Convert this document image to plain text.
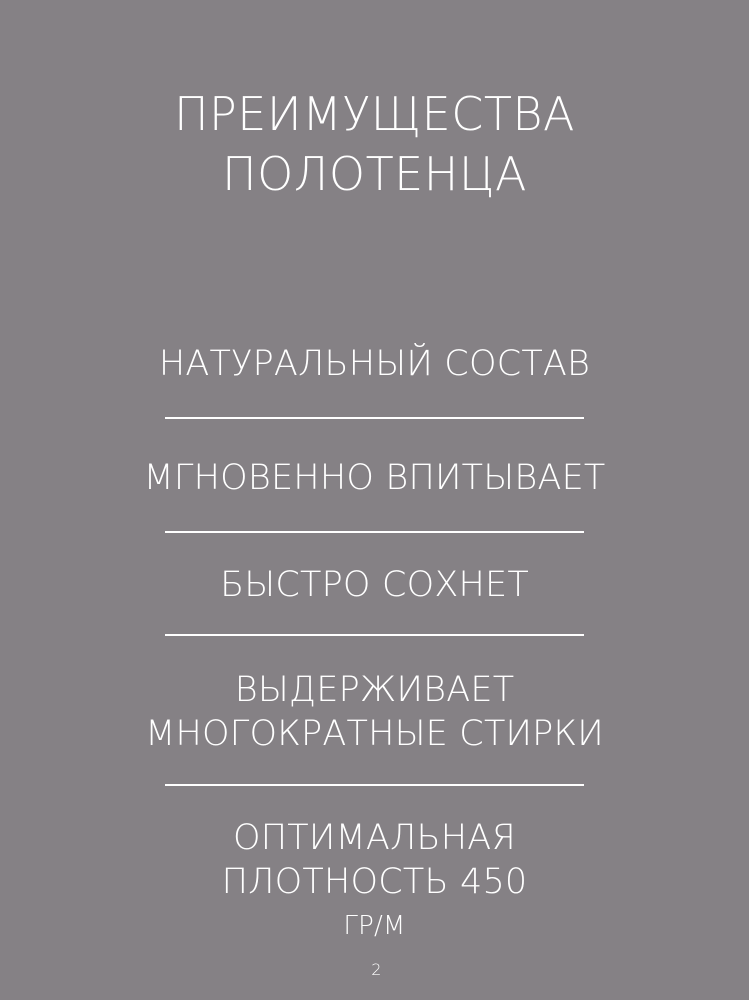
ПРЕИМУЩЕСТВА
ПОЛОТЕНЦА
НАТУРАЛЬНЫЙ СОСТАВ
МГНОВЕННО ВПИТЫВАЕТ
БЫСТРО СОХНЕТ
ВЫДЕРЖИВАЕТ
МНОГОКРАТНЫЕ СТИРКИ
ОПТИМАЛЬНАЯ
ПЛОТНОСТЬ 450
ГР/М
2
